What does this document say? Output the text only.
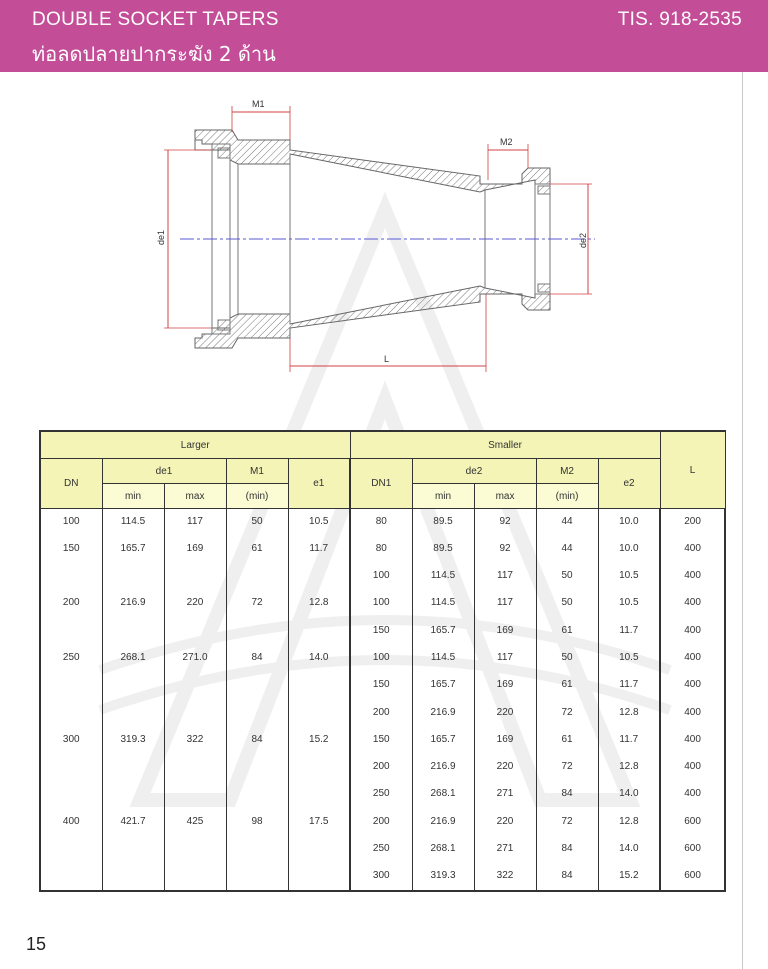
DOUBLE SOCKET TAPERS
ท่อลดปลายปากระฆัง 2 ด้าน
TIS. 918-2535
de1	de2
M1
M2
L
Larger					Smaller					L
DN	de1		M1	e1	DN1	de2		M2	e2	
	min	max	(min)			min	max	(min)		
100	114.5	117	50	10.5	80	89.5	92	44	10.0	200
150	165.7	169	61	11.7	80	89.5	92	44	10.0	400
					100	114.5	117	50	10.5	400
200	216.9	220	72	12.8	100	114.5	117	50	10.5	400
					150	165.7	169	61	11.7	400
250	268.1	271.0	84	14.0	100	114.5	117	50	10.5	400
					150	165.7	169	61	11.7	400
					200	216.9	220	72	12.8	400
300	319.3	322	84	15.2	150	165.7	169	61	11.7	400
					200	216.9	220	72	12.8	400
					250	268.1	271	84	14.0	400
400	421.7	425	98	17.5	200	216.9	220	72	12.8	600
					250	268.1	271	84	14.0	600
					300	319.3	322	84	15.2	600
15
